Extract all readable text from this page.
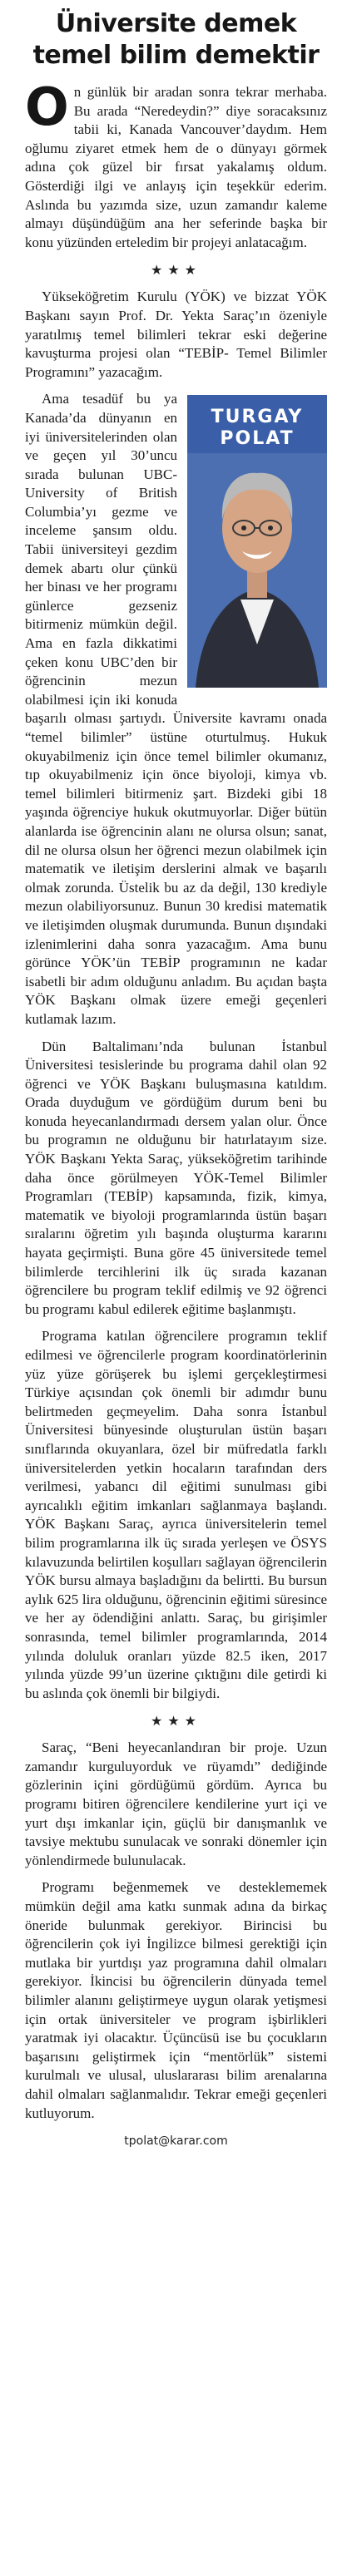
Üniversite demek
temel bilim demektir

On günlük bir aradan sonra tekrar merhaba. Bu arada “Neredeydin?” diye soracaksınız tabii ki, Kanada Vancouver’daydım. Hem oğlumu ziyaret etmek hem de o dünyayı görmek adına çok güzel bir fırsat yakalamış oldum. Gösterdiği ilgi ve anlayış için teşekkür ederim. Aslında bu yazımda size, uzun zamandır kaleme almayı düşündüğüm ana her seferinde başka bir konu yüzünden erteledim bir projeyi anlatacağım.

★★★

Yükseköğretim Kurulu (YÖK) ve bizzat YÖK Başkanı sayın Prof. Dr. Yekta Saraç’ın özeniyle yaratılmış temel bilimleri tekrar eski değerine kavuşturma projesi olan “TEBİP- Temel Bilimler Programını” yazacağım.

TURGAY
POLAT

Ama tesadüf bu ya Kanada’da dünyanın en iyi üniversitelerinden olan ve geçen yıl 30’uncu sırada bulunan UBC- University of British Columbia’yı gezme ve inceleme şansım oldu. Tabii üniversiteyi gezdim demek abartı olur çünkü her binası ve her programı günlerce gezseniz bitirmeniz mümkün değil. Ama en fazla dikkatimi çeken konu UBC’den bir öğrencinin mezun olabilmesi için iki konuda başarılı olması şartıydı. Üniversite kavramı onada “temel bilimler” üstüne oturtulmuş. Hukuk okuyabilmeniz için önce temel bilimler okumanız, tıp okuyabilmeniz için önce biyoloji, kimya vb. temel bilimleri bitirmeniz şart. Bizdeki gibi 18 yaşında öğrenciye hukuk okutmuyorlar. Diğer bütün alanlarda ise öğrencinin alanı ne olursa olsun; sanat, dil ne olursa olsun her öğrenci mezun olabilmek için matematik ve iletişim derslerini almak ve başarılı olmak zorunda. Üstelik bu az da değil, 130 krediyle mezun olabiliyorsunuz. Bunun 30 kredisi matematik ve iletişimden oluşmak durumunda. Bunun dışındaki izlenimlerini daha sonra yazacağım. Ama bunu görünce YÖK’ün TEBİP programının ne kadar isabetli bir adım olduğunu anladım. Bu açıdan başta YÖK Başkanı olmak üzere emeği geçenleri kutlamak lazım.

Dün Baltalimanı’nda bulunan İstanbul Üniversitesi tesislerinde bu programa dahil olan 92 öğrenci ve YÖK Başkanı buluşmasına katıldım. Orada duyduğum ve gördüğüm durum beni bu konuda heyecanlandırmadı dersem yalan olur. Önce bu programın ne olduğunu bir hatırlatayım size. YÖK Başkanı Yekta Saraç, yükseköğretim tarihinde daha önce görülmeyen YÖK-Temel Bilimler Programları (TEBİP) kapsamında, fizik, kimya, matematik ve biyoloji programlarında üstün başarı sıralarını öğretim yılı başında oluşturma kararını hayata geçirmişti. Buna göre 45 üniversitede temel bilimlerde tercihlerini ilk üç sırada kazanan öğrencilere bu program teklif edilmiş ve 92 öğrenci bu programı kabul edilerek eğitime başlanmıştı.

Programa katılan öğrencilere programın teklif edilmesi ve öğrencilerle program koordinatörlerinin yüz yüze görüşerek bu işlemi gerçekleştirmesi Türkiye açısından çok önemli bir adımdır bunu belirtmeden geçmeyelim. Daha sonra İstanbul Üniversitesi bünyesinde oluşturulan üstün başarı sınıflarında okuyanlara, özel bir müfredatla farklı üniversitelerden yetkin hocaların tarafından ders verilmesi, yabancı dil eğitimi sunulması gibi ayrıcalıklı eğitim imkanları sağlanmaya başlandı. YÖK Başkanı Saraç, ayrıca üniversitelerin temel bilim programlarına ilk üç sırada yerleşen ve ÖSYS kılavuzunda belirtilen koşulları sağlayan öğrencilerin YÖK bursu almaya başladığını da belirtti. Bu bursun aylık 625 lira olduğunu, öğrencinin eğitimi süresince ve her ay ödendiğini anlattı. Saraç, bu girişimler sonrasında, temel bilimler programlarında, 2014 yılında doluluk oranları yüzde 82.5 iken, 2017 yılında yüzde 99’un üzerine çıktığını dile getirdi ki bu aslında çok önemli bir bilgiydi.

★★★

Saraç, “Beni heyecanlandıran bir proje. Uzun zamandır kurguluyorduk ve rüyamdı” dediğinde gözlerinin içini gördüğümü gördüm. Ayrıca bu programı bitiren öğrencilere kendilerine yurt içi ve yurt dışı imkanlar için, güçlü bir danışmanlık ve tavsiye mektubu sunulacak ve sonraki dönemler için yönlendirmede bulunulacak.

Programı beğenmemek ve desteklememek mümkün değil ama katkı sunmak adına da birkaç öneride bulunmak gerekiyor. Birincisi bu öğrencilerin çok iyi İngilizce bilmesi gerektiği için mutlaka bir yurtdışı yaz programına dahil olmaları gerekiyor. İkincisi bu öğrencilerin dünyada temel bilimler alanını geliştirmeye uygun olarak yetişmesi için ortak üniversiteler ve program işbirlikleri yaratmak iyi olacaktır. Üçüncüsü ise bu çocukların başarısını geliştirmek için “mentörlük” sistemi kurulmalı ve ulusal, uluslararası bilim arenalarına dahil olmaları sağlanmalıdır. Tekrar emeği geçenleri kutluyorum.

tpolat@karar.com
